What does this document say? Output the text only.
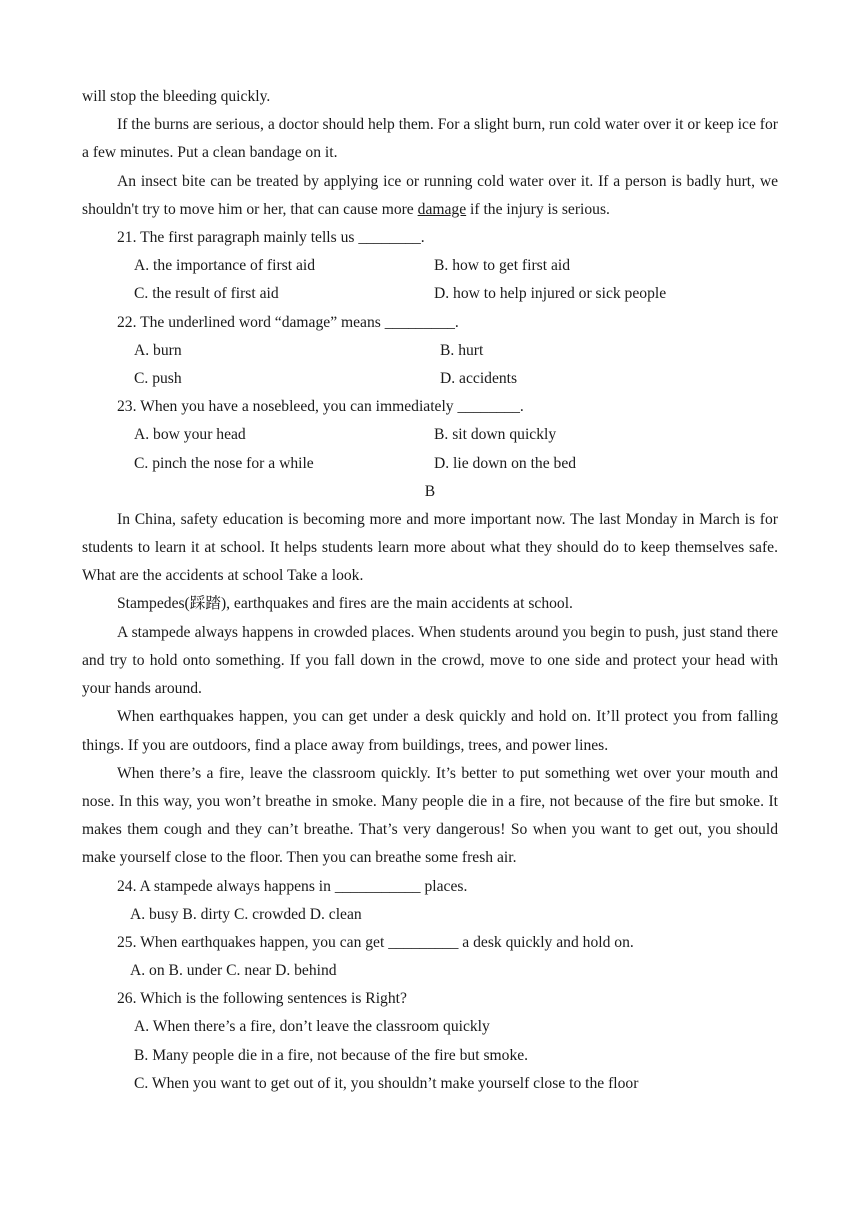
will stop the bleeding quickly.

If the burns are serious, a doctor should help them. For a slight burn, run cold water over it or keep ice for a few minutes. Put a clean bandage on it.

An insect bite can be treated by applying ice or running cold water over it. If a person is badly hurt, we shouldn't try to move him or her, that can cause more damage if the injury is serious.

21. The first paragraph mainly tells us ________.
A. the importance of first aid	B. how to get first aid
C. the result of first aid	D. how to help injured or sick people
22. The underlined word “damage” means _________.
A. burn	B. hurt
C. push	D. accidents
23. When you have a nosebleed, you can immediately ________.
A. bow your head	B. sit down quickly
C. pinch the nose for a while	D. lie down on the bed
B

In China, safety education is becoming more and more important now. The last Monday in March is for students to learn it at school. It helps students learn more about what they should do to keep themselves safe. What are the accidents at school Take a look.

Stampedes(踩踏), earthquakes and fires are the main accidents at school.

A stampede always happens in crowded places. When students around you begin to push, just stand there and try to hold onto something. If you fall down in the crowd, move to one side and protect your head with your hands around.

When earthquakes happen, you can get under a desk quickly and hold on. It’ll protect you from falling things. If you are outdoors, find a place away from buildings, trees, and power lines.

When there’s a fire, leave the classroom quickly. It’s better to put something wet over your mouth and nose. In this way, you won’t breathe in smoke. Many people die in a fire, not because of the fire but smoke. It makes them cough and they can’t breathe. That’s very dangerous! So when you want to get out, you should make yourself close to the floor. Then you can breathe some fresh air.

24. A stampede always happens in ___________ places.
A. busy B. dirty C. crowded D. clean
25. When earthquakes happen, you can get _________ a desk quickly and hold on.
A. on B. under C. near D. behind
26. Which is the following sentences is Right?
A. When there’s a fire, don’t leave the classroom quickly
B. Many people die in a fire, not because of the fire but smoke.
C. When you want to get out of it, you shouldn’t make yourself close to the floor
